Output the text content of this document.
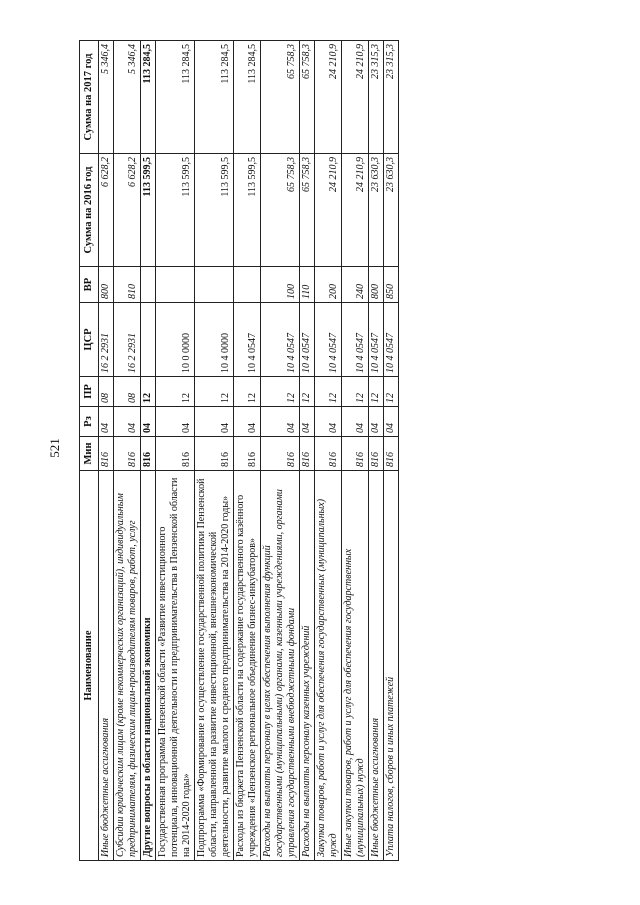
521
Наименование	Мин	Рз	ПР	ЦСР	ВР	Сумма на 2016 год	Сумма на 2017 год
Иные бюджетные ассигнования	816	04	08	16 2 2931	800	6 628,2	5 346,4
Субсидии юридическим лицам (кроме некоммерческих организаций), индивидуальным предпринимателям, физическим лицам-производителям товаров, работ, услуг	816	04	08	16 2 2931	810	6 628,2	5 346,4
Другие вопросы в области национальной экономики	816	04	12			113 599,5	113 284,5
Государственная программа Пензенской области «Развитие инвестиционного потенциала, инновационной деятельности и предпринимательства в Пензенской области на 2014-2020 годы»	816	04	12	10 0 0000		113 599,5	113 284,5
Подпрограмма «Формирование и осуществление государственной политики Пензенской области, направленной на развитие инвестиционной, внешнеэкономической деятельности, развитие малого и среднего предпринимательства на 2014-2020 годы»	816	04	12	10 4 0000		113 599,5	113 284,5
Расходы из бюджета Пензенской области на содержание государственного казённого учреждения «Пензенское региональное объединение бизнес-инкубаторов»	816	04	12	10 4 0547		113 599,5	113 284,5
Расходы на выплаты персоналу в целях обеспечения выполнения функций государственными (муниципальными) органами, казенными учреждениями, органами управления государственными внебюджетными фондами	816	04	12	10 4 0547	100	65 758,3	65 758,3
Расходы на выплаты персоналу казенных учреждений	816	04	12	10 4 0547	110	65 758,3	65 758,3
Закупка товаров, работ и услуг для обеспечения государственных (муниципальных) нужд	816	04	12	10 4 0547	200	24 210,9	24 210,9
Иные закупки товаров, работ и услуг для обеспечения государственных (муниципальных) нужд	816	04	12	10 4 0547	240	24 210,9	24 210,9
Иные бюджетные ассигнования	816	04	12	10 4 0547	800	23 630,3	23 315,3
Уплата налогов, сборов и иных платежей	816	04	12	10 4 0547	850	23 630,3	23 315,3
